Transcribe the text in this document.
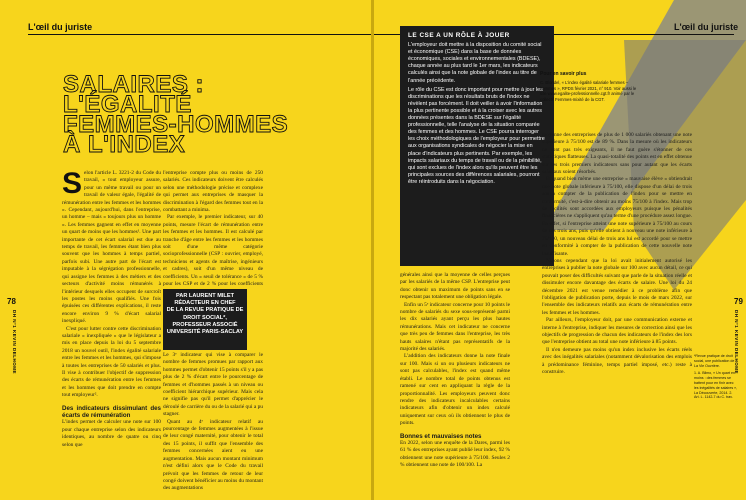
L'œil du juriste
SALAIRES : L'ÉGALITÉ FEMMES-HOMMES À L'INDEX
78
DH N°1 KEVIN DELHOME

Selon l'article L. 3221-2 du Code du travail, « tout employeur assure, pour un même travail ou pour un travail de valeur égale, l'égalité de rémunération entre les femmes et les hommes ». Cependant, aujourd'hui, dans l'entreprise, un homme – mais « toujours plus un homme ». Les femmes gagnent en effet en moyenne un quart de moins que les hommes¹. Une part importante de cet écart salarial est due au temps de travail, les femmes étant bien plus souvent que les hommes à temps partiel, parfois subi. Une autre part de l'écart est imputable à la ségrégation professionnelle, qui assigne les femmes à des métiers et des secteurs d'activité moins rémunérés à l'intérieur desquels elles occupent de surcroît les postes les moins qualifiés. Une fois épuisées ces différentes explications, il reste encore environ 9 % d'écart salarial inexpliqué.

C'est pour lutter contre cette discrimination salariale « inexpliquée » que le législateur a mis en place depuis la loi du 5 septembre 2018 un nouvel outil, l'index égalité salariale entre les femmes et les hommes, qui s'impose à toutes les entreprises de 50 salariés et plus. Il vise à contribuer l'objectif de suppression des écarts de rémunération entre les femmes et les hommes que doit prendre en compte tout employeur².

Des indicateurs dissimulant des écarts de rémunération

L'index permet de calculer une note sur 100 pour chaque entreprise selon des indicateurs identiques, au nombre de quatre ou cinq selon que

l'entreprise compte plus ou moins de 250 salariés. Ces indicateurs doivent être calculés selon une méthodologie précise et complexe qui permet aux entreprises de masquer la discrimination à l'égard des femmes tout en la combattant a minima.

Par exemple, le premier indicateur, sur 40 points, mesure l'écart de rémunération entre les femmes et les hommes. Il est calculé par tranche d'âge entre les femmes et les hommes soit d'une même catégorie socioprofessionnelle (CSP : ouvrier, employé, techniciens et agents de maîtrise, ingénieurs et cadres), soit d'un même niveau de coefficients. Un « seuil de tolérance » de 5 % pour les CSP et de 2 % pour les coefficients

PAR LAURENT MILET
RÉDACTEUR EN CHEF
DE LA REVUE PRATIQUE DE
DROIT SOCIAL*,
PROFESSEUR ASSOCIÉ
UNIVERSITÉ PARIS-SACLAY

Le 3ᵉ indicateur qui vise à comparer le nombre de femmes promues par rapport aux hommes permet d'obtenir 15 points s'il y a pas plus de 2 % d'écart entre le pourcentage de femmes et d'hommes passés à un niveau ou coefficient hiérarchique supérieur. Mais cela ne signifie pas qu'il permet d'apprécier le déroulé de carrière du ou de la salarié qui a pu stagner.

Quant au 4ᵉ indicateur relatif au pourcentage de femmes augmentées à l'issue de leur congé maternité, pour obtenir le total des 15 points, il suffit que l'ensemble des femmes concernées aient eu une augmentation. Mais aucun montant minimum n'est défini alors que le Code du travail prévoit que les femmes de retour de leur congé doivent bénéficier au moins du montant des augmentations

L'œil du juriste
LE CSE A UN RÔLE À JOUER

L'employeur doit mettre à la disposition du comité social et économique (CSE) dans la base de données économiques, sociales et environnementales (BDESE), chaque année au plus tard le 1er mars, les indicateurs calculés ainsi que la note globale de l'index au titre de l'année précédente.

Le rôle du CSE est donc important pour mettre à jour les discriminations que les résultats bruts de l'index ne révèlent pas forcément. Il doit veiller à avoir l'information la plus pertinente possible et à la croiser avec les autres données présentes dans la BDESE sur l'égalité professionnelle, telle l'analyse de la situation comparée des femmes et des hommes. Le CSE pourra interroger les choix méthodologiques de l'employeur pour permettre aux organisations syndicales de négocier la mise en place d'indicateurs plus pertinents. Par exemple, les impacts salariaux du temps de travail ou de la pénibilité, qui sont exclues de l'index alors qu'ils peuvent être les principales sources des différences salariales, pourront être réintroduits dans la négociation.

Pour en savoir plus
C. Blondel, « L'index égalité salariale femmes – hommes », RPDS février 2021, n° 910. Voir aussi le site www.egalite-professionnelle.cgt.fr animé par le collectif Femmes-mixité de la CGT.
79
DH N°1 KEVIN DELHOME

générales ainsi que la moyenne de celles perçues par les salariés de la même CSP. L'entreprise peut donc obtenir un maximum de points sans en se respectant pas totalement une obligation légale.

Enfin un 5ᵉ indicateur concerne pour 10 points le nombre de salariés du sexe sous-représenté parmi les dix salariés ayant perçu les plus hautes rémunérations. Mais cet indicateur ne concerne que très peu de femmes dans l'entreprise, les très hauts salaires n'étant pas représentatifs de la majorité des salariés.

L'addition des indicateurs donne la note finale sur 100. Mais si un ou plusieurs indicateurs ne sont pas calculables, l'index est quand même établi. Le nombre total de points obtenus est ramené sur cent en appliquant la règle de la proportionnalité. Les employeurs peuvent donc rendre des indicateurs incalculables certains indicateurs afin d'obtenir un index calculé uniquement sur ceux où ils obtiennent le plus de points.

Bonnes et mauvaises notes

En 2022, selon une enquête de la Dares, parmi les 61 % des entreprises ayant publié leur index, 92 % obtiennent une note supérieure à 75/100. Seules 2 % obtiennent une note de 100/100. La

moyenne des entreprises de plus de 1 000 salariés obtenant une note supérieure à 75/100 est de 89 %. Dans la mesure où les indicateurs ne sont pas très exigeants, il ne faut guère s'étonner de ces statistiques flatteuses. La quasi-totalité des points est en effet obtenue sur les trois premiers indicateurs sans pour autant que les écarts salariaux soient résorbés.

Et quand bien même une entreprise « mauvaise élève » obtiendrait une note globale inférieure à 75/100, elle dispose d'un délai de trois ans à compter de la publication de l'index pour se mettre en conformité, c'est-à-dire obtenir au moins 75/100 à l'index. Mais trop de facilités sont accordées aux employeurs puisque les pénalités financières ne s'appliquent qu'au terme d'une procédure assez longue. En effet, si l'entreprise atteint une note supérieure à 75/100 au cours de ces trois ans, puis qu'elle obtient à nouveau une note inférieure à 75/100, un nouveau délai de trois ans lui est accordé pour se mettre en conformité à compter de la publication de cette nouvelle note insuffisante.

Notons cependant que la loi avait initialement autorisé les entreprises à publier la note globale sur 100 avec aucun détail, ce qui pouvait poser des difficultés suivant que parle de la situation réelle et dissimuler encore davantage des écarts de salaire. Une loi du 24 décembre 2021 est venue remédier à ce problème afin que l'obligation de publication porte, depuis le mois de mars 2022, sur l'ensemble des indicateurs relatifs aux écarts de rémunération entre les femmes et les hommes.

Par ailleurs, l'employeur doit, par une communication externe et interne à l'entreprise, indiquer les mesures de correction ainsi que les objectifs de progression de chacun des indicateurs de l'index des lors que l'entreprise obtient au total une note inférieure à 85 points.

Il n'en demeure pas moins qu'un index inclusive les écarts réels avec des inégalités salariales (notamment dévalorisation des emplois à prédominance féminine, temps partiel imposé, etc.) reste à construire.

*Revue pratique de droit social, une publication de La Vie Ouvrière.
1. A. Bilmo, « Un quart en moins : des femmes se battent pour en finir avec les inégalités de salaires », La Découverte, 2014. 2. Art. L. 1142-7 du C. trav.
